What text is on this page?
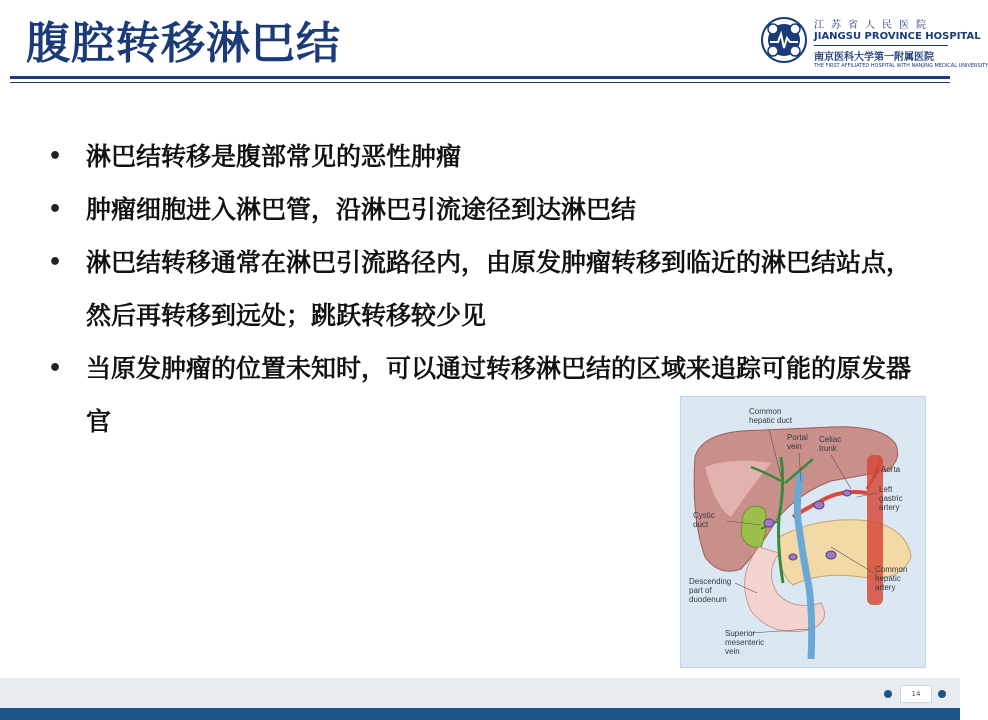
腹腔转移淋巴结	江苏省人民医院
JIANGSU PROVINCE HOSPITAL
南京医科大学第一附属医院
THE FIRST AFFILIATED HOSPITAL WITH NANJING MEDICAL UNIVERSITY
• 淋巴结转移是腹部常见的恶性肿瘤
• 肿瘤细胞进入淋巴管，沿淋巴引流途径到达淋巴结
• 淋巴结转移通常在淋巴引流路径内，由原发肿瘤转移到临近的淋巴结站点，然后再转移到远处；跳跃转移较少见
• 当原发肿瘤的位置未知时，可以通过转移淋巴结的区域来追踪可能的原发器官	Common
hepatic duct
Portal
vein
Celiac
trunk
Aorta
Left
gastric
artery
Cystic
duct
Common
hepatic
artery
Descending
part of
duodenum
Superior
mesenteric
vein
14
